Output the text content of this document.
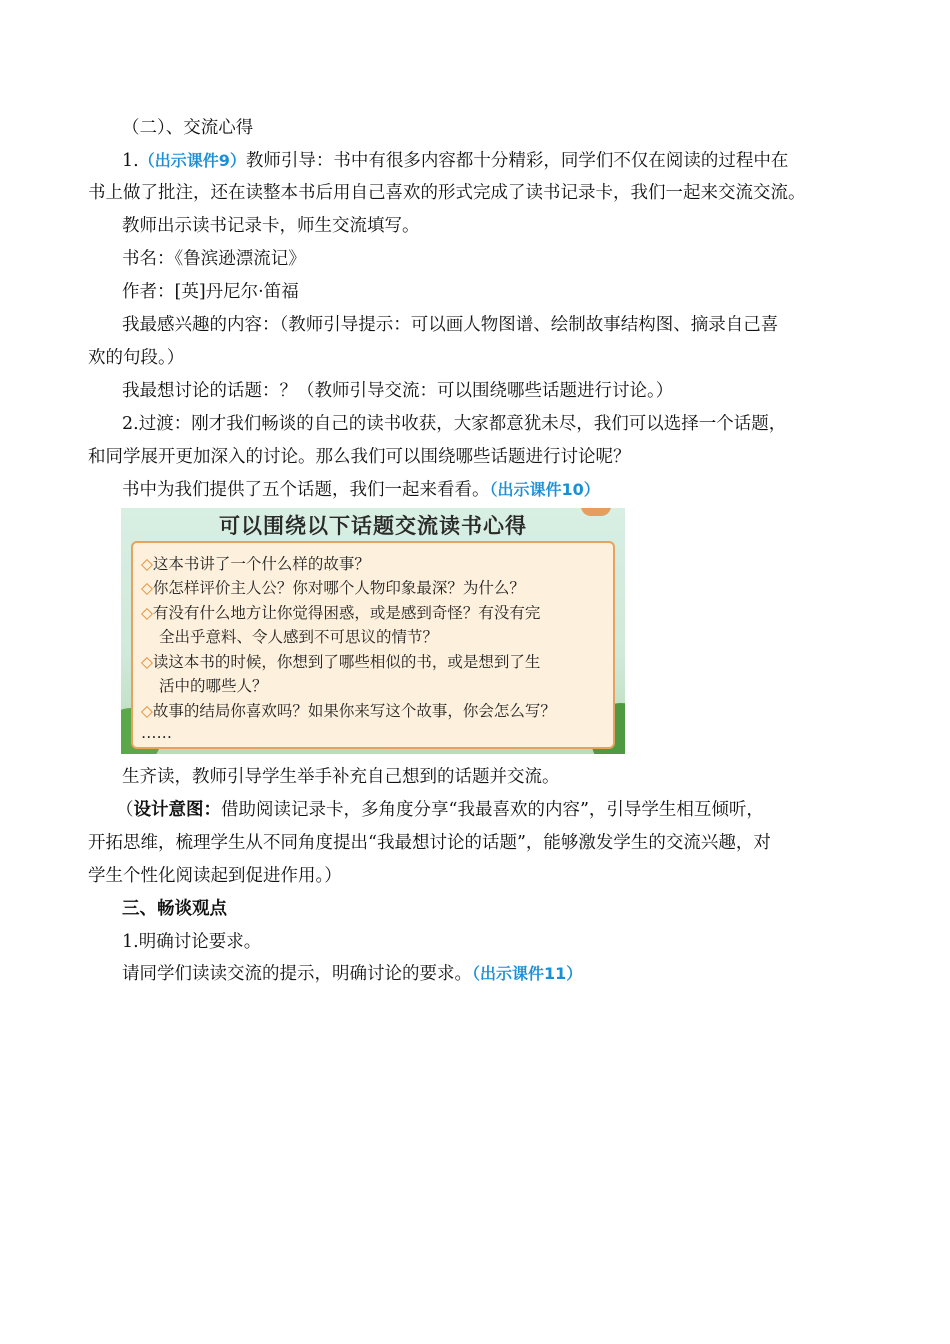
（二）、交流心得
1.（出示课件9）教师引导：书中有很多内容都十分精彩，同学们不仅在阅读的过程中在
书上做了批注，还在读整本书后用自己喜欢的形式完成了读书记录卡，我们一起来交流交流。
教师出示读书记录卡，师生交流填写。
书名：《鲁滨逊漂流记》
作者：[英]丹尼尔·笛福
我最感兴趣的内容：（教师引导提示：可以画人物图谱、绘制故事结构图、摘录自己喜
欢的句段。）
我最想讨论的话题：？（教师引导交流：可以围绕哪些话题进行讨论。）
2.过渡：刚才我们畅谈的自己的读书收获，大家都意犹未尽，我们可以选择一个话题，
和同学展开更加深入的讨论。那么我们可以围绕哪些话题进行讨论呢？
书中为我们提供了五个话题，我们一起来看看。（出示课件10）
可以围绕以下话题交流读书心得
◇这本书讲了一个什么样的故事？
◇你怎样评价主人公？你对哪个人物印象最深？为什么？
◇有没有什么地方让你觉得困惑，或是感到奇怪？有没有完
全出乎意料、令人感到不可思议的情节？
◇读这本书的时候，你想到了哪些相似的书，或是想到了生
活中的哪些人？
◇故事的结局你喜欢吗？如果你来写这个故事，你会怎么写？
……
生齐读，教师引导学生举手补充自己想到的话题并交流。
（设计意图：借助阅读记录卡，多角度分享“我最喜欢的内容”，引导学生相互倾听，
开拓思维，梳理学生从不同角度提出“我最想讨论的话题”，能够激发学生的交流兴趣，对
学生个性化阅读起到促进作用。）
三、畅谈观点
1.明确讨论要求。
请同学们读读交流的提示，明确讨论的要求。（出示课件11）
